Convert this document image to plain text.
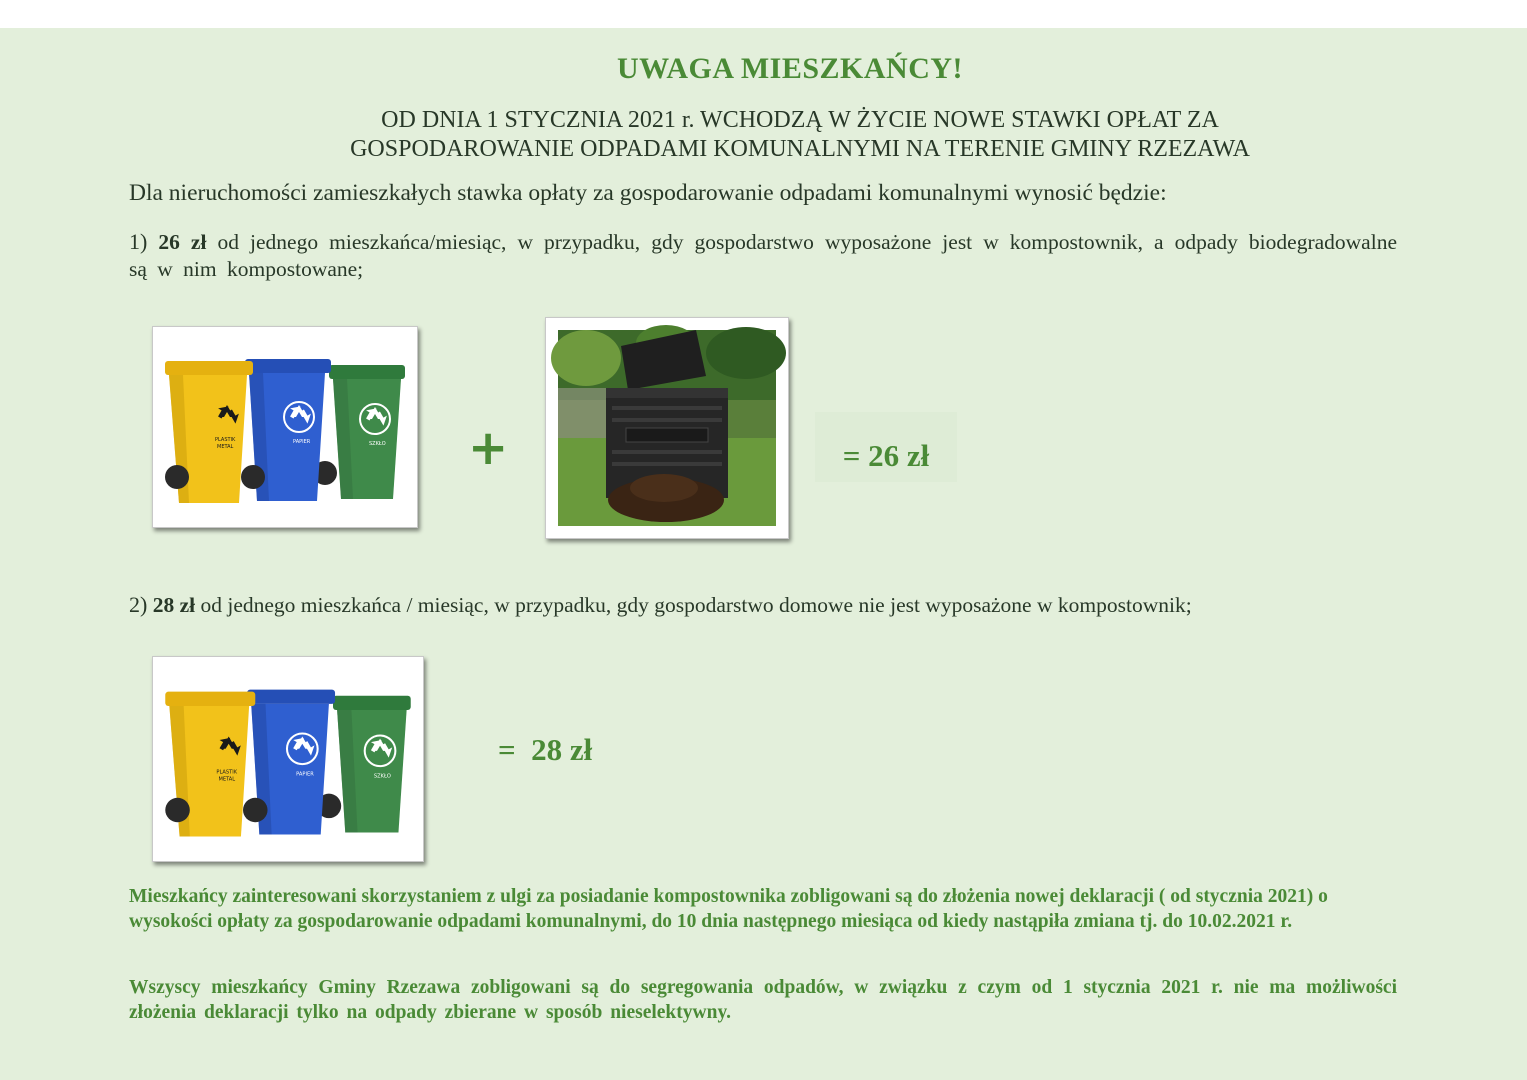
UWAGA MIESZKAŃCY!
OD DNIA 1 STYCZNIA 2021 r. WCHODZĄ W ŻYCIE NOWE STAWKI OPŁAT ZA
GOSPODAROWANIE ODPADAMI KOMUNALNYMI NA TERENIE GMINY RZEZAWA
Dla nieruchomości zamieszkałych stawka opłaty za gospodarowanie odpadami komunalnymi wynosić będzie:
1) 26 zł od jednego mieszkańca/miesiąc, w przypadku, gdy gospodarstwo wyposażone jest w kompostownik, a odpady biodegradowalne są w nim kompostowane;
SZKŁO
PAPIER
PLASTIK
METAL	+	= 26 zł
2) 28 zł od jednego mieszkańca / miesiąc, w przypadku, gdy gospodarstwo domowe nie jest wyposażone w kompostownik;
SZKŁO
PAPIER
PLASTIK
METAL
=  28 zł
Mieszkańcy zainteresowani skorzystaniem z ulgi za posiadanie kompostownika zobligowani są do złożenia nowej deklaracji ( od stycznia 2021) o wysokości opłaty za gospodarowanie odpadami komunalnymi, do 10 dnia następnego miesiąca od kiedy nastąpiła zmiana tj. do 10.02.2021 r.
Wszyscy mieszkańcy Gminy Rzezawa zobligowani są do segregowania odpadów, w związku z czym od 1 stycznia 2021 r. nie ma możliwości złożenia deklaracji tylko na odpady zbierane w sposób nieselektywny.
